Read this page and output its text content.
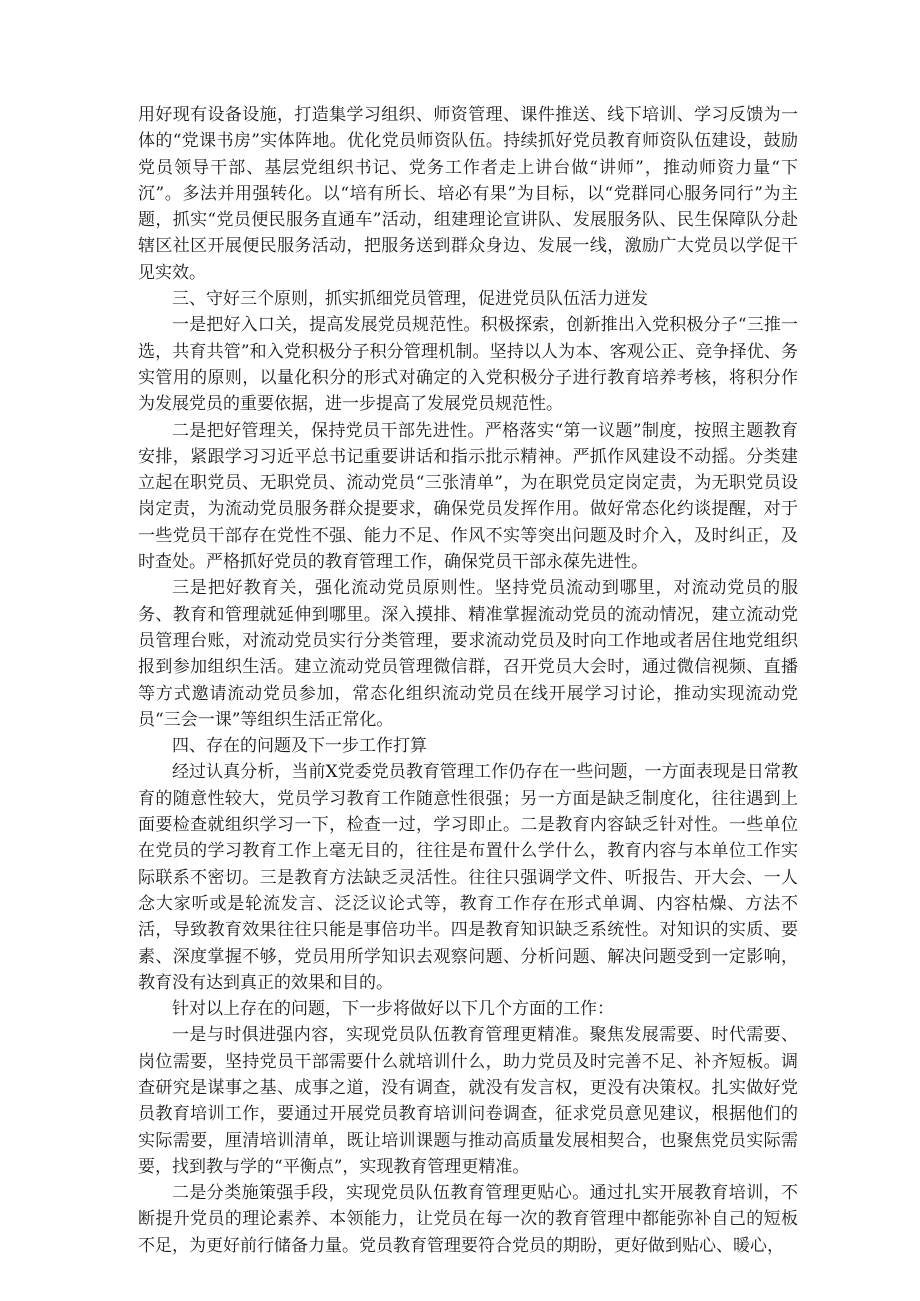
用好现有设备设施，打造集学习组织、师资管理、课件推送、线下培训、学习反馈为一体的“党课书房”实体阵地。优化党员师资队伍。持续抓好党员教育师资队伍建设，鼓励党员领导干部、基层党组织书记、党务工作者走上讲台做“讲师”，推动师资力量“下沉”。多法并用强转化。以“培有所长、培必有果”为目标，以“党群同心服务同行”为主题，抓实“党员便民服务直通车”活动，组建理论宣讲队、发展服务队、民生保障队分赴辖区社区开展便民服务活动，把服务送到群众身边、发展一线，激励广大党员以学促干见实效。

三、守好三个原则，抓实抓细党员管理，促进党员队伍活力迸发

一是把好入口关，提高发展党员规范性。积极探索，创新推出入党积极分子“三推一选，共育共管”和入党积极分子积分管理机制。坚持以人为本、客观公正、竞争择优、务实管用的原则，以量化积分的形式对确定的入党积极分子进行教育培养考核，将积分作为发展党员的重要依据，进一步提高了发展党员规范性。

二是把好管理关，保持党员干部先进性。严格落实“第一议题”制度，按照主题教育安排，紧跟学习习近平总书记重要讲话和指示批示精神。严抓作风建设不动摇。分类建立起在职党员、无职党员、流动党员“三张清单”，为在职党员定岗定责，为无职党员设岗定责，为流动党员服务群众提要求，确保党员发挥作用。做好常态化约谈提醒，对于一些党员干部存在党性不强、能力不足、作风不实等突出问题及时介入，及时纠正，及时查处。严格抓好党员的教育管理工作，确保党员干部永葆先进性。

三是把好教育关，强化流动党员原则性。坚持党员流动到哪里，对流动党员的服务、教育和管理就延伸到哪里。深入摸排、精准掌握流动党员的流动情况，建立流动党员管理台账，对流动党员实行分类管理，要求流动党员及时向工作地或者居住地党组织报到参加组织生活。建立流动党员管理微信群，召开党员大会时，通过微信视频、直播等方式邀请流动党员参加，常态化组织流动党员在线开展学习讨论，推动实现流动党员“三会一课”等组织生活正常化。

四、存在的问题及下一步工作打算

经过认真分析，当前X党委党员教育管理工作仍存在一些问题，一方面表现是日常教育的随意性较大，党员学习教育工作随意性很强；另一方面是缺乏制度化，往往遇到上面要检查就组织学习一下，检查一过，学习即止。二是教育内容缺乏针对性。一些单位在党员的学习教育工作上毫无目的，往往是布置什么学什么，教育内容与本单位工作实际联系不密切。三是教育方法缺乏灵活性。往往只强调学文件、听报告、开大会、一人念大家听或是轮流发言、泛泛议论式等，教育工作存在形式单调、内容枯燥、方法不活，导致教育效果往往只能是事倍功半。四是教育知识缺乏系统性。对知识的实质、要素、深度掌握不够，党员用所学知识去观察问题、分析问题、解决问题受到一定影响，教育没有达到真正的效果和目的。

针对以上存在的问题，下一步将做好以下几个方面的工作：

一是与时俱进强内容，实现党员队伍教育管理更精准。聚焦发展需要、时代需要、岗位需要，坚持党员干部需要什么就培训什么，助力党员及时完善不足、补齐短板。调查研究是谋事之基、成事之道，没有调查，就没有发言权，更没有决策权。扎实做好党员教育培训工作，要通过开展党员教育培训问卷调查，征求党员意见建议，根据他们的实际需要，厘清培训清单，既让培训课题与推动高质量发展相契合，也聚焦党员实际需要，找到教与学的“平衡点”，实现教育管理更精准。

二是分类施策强手段，实现党员队伍教育管理更贴心。通过扎实开展教育培训，不断提升党员的理论素养、本领能力，让党员在每一次的教育管理中都能弥补自己的短板不足，为更好前行储备力量。党员教育管理要符合党员的期盼，更好做到贴心、暖心，
